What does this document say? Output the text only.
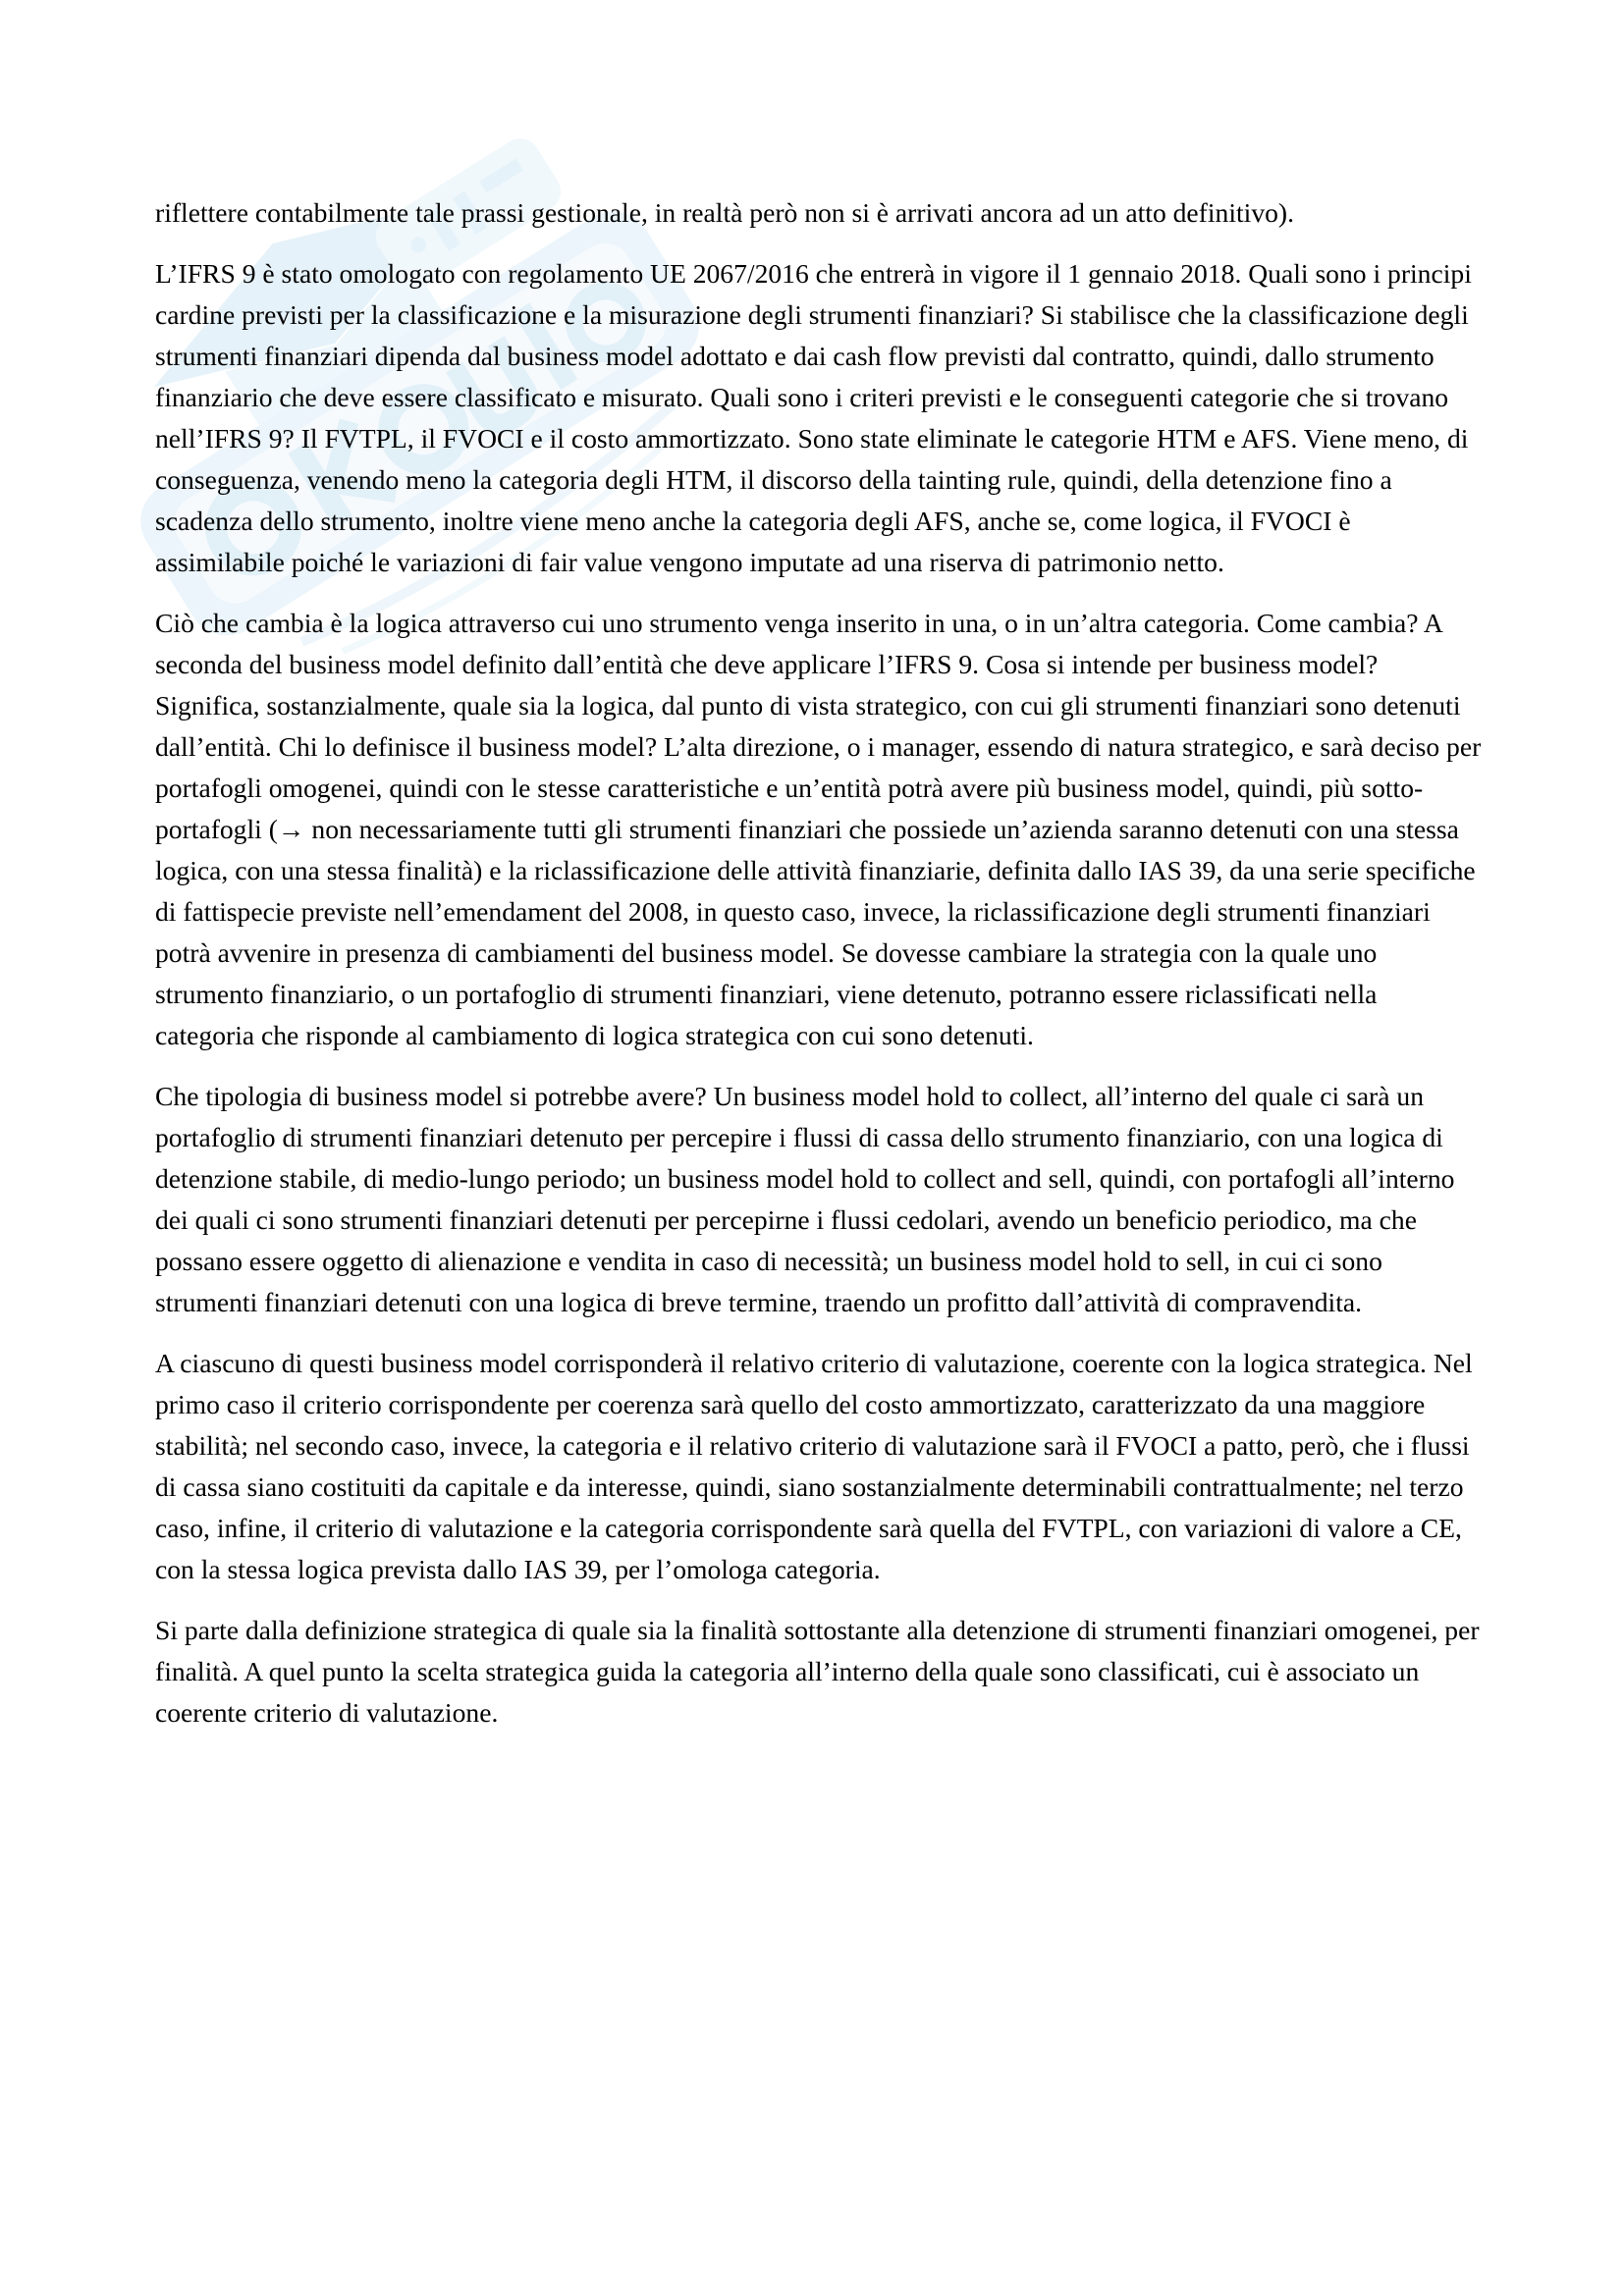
riflettere contabilmente tale prassi gestionale, in realtà però non si è arrivati ancora ad un atto definitivo).

L’IFRS 9 è stato omologato con regolamento UE 2067/2016 che entrerà in vigore il 1 gennaio 2018. Quali sono i principi cardine previsti per la classificazione e la misurazione degli strumenti finanziari? Si stabilisce che la classificazione degli strumenti finanziari dipenda dal business model adottato e dai cash flow previsti dal contratto, quindi, dallo strumento finanziario che deve essere classificato e misurato. Quali sono i criteri previsti e le conseguenti categorie che si trovano nell’IFRS 9? Il FVTPL, il FVOCI e il costo ammortizzato. Sono state eliminate le categorie HTM e AFS. Viene meno, di conseguenza, venendo meno la categoria degli HTM, il discorso della tainting rule, quindi, della detenzione fino a scadenza dello strumento, inoltre viene meno anche la categoria degli AFS, anche se, come logica, il FVOCI è assimilabile poiché le variazioni di fair value vengono imputate ad una riserva di patrimonio netto.

Ciò che cambia è la logica attraverso cui uno strumento venga inserito in una, o in un’altra categoria. Come cambia? A seconda del business model definito dall’entità che deve applicare l’IFRS 9. Cosa si intende per business model? Significa, sostanzialmente, quale sia la logica, dal punto di vista strategico, con cui gli strumenti finanziari sono detenuti dall’entità. Chi lo definisce il business model? L’alta direzione, o i manager, essendo di natura strategico, e sarà deciso per portafogli omogenei, quindi con le stesse caratteristiche e un’entità potrà avere più business model, quindi, più sotto-portafogli (→ non necessariamente tutti gli strumenti finanziari che possiede un’azienda saranno detenuti con una stessa logica, con una stessa finalità) e la riclassificazione delle attività finanziarie, definita dallo IAS 39, da una serie specifiche di fattispecie previste nell’emendament del 2008, in questo caso, invece, la riclassificazione degli strumenti finanziari potrà avvenire in presenza di cambiamenti del business model. Se dovesse cambiare la strategia con la quale uno strumento finanziario, o un portafoglio di strumenti finanziari, viene detenuto, potranno essere riclassificati nella categoria che risponde al cambiamento di logica strategica con cui sono detenuti.

Che tipologia di business model si potrebbe avere? Un business model hold to collect, all’interno del quale ci sarà un portafoglio di strumenti finanziari detenuto per percepire i flussi di cassa dello strumento finanziario, con una logica di detenzione stabile, di medio-lungo periodo; un business model hold to collect and sell, quindi, con portafogli all’interno dei quali ci sono strumenti finanziari detenuti per percepirne i flussi cedolari, avendo un beneficio periodico, ma che possano essere oggetto di alienazione e vendita in caso di necessità; un business model hold to sell, in cui ci sono strumenti finanziari detenuti con una logica di breve termine, traendo un profitto dall’attività di compravendita.

A ciascuno di questi business model corrisponderà il relativo criterio di valutazione, coerente con la logica strategica. Nel primo caso il criterio corrispondente per coerenza sarà quello del costo ammortizzato, caratterizzato da una maggiore stabilità; nel secondo caso, invece, la categoria e il relativo criterio di valutazione sarà il FVOCI a patto, però, che i flussi di cassa siano costituiti da capitale e da interesse, quindi, siano sostanzialmente determinabili contrattualmente; nel terzo caso, infine, il criterio di valutazione e la categoria corrispondente sarà quella del FVTPL, con variazioni di valore a CE, con la stessa logica prevista dallo IAS 39, per l’omologa categoria.

Si parte dalla definizione strategica di quale sia la finalità sottostante alla detenzione di strumenti finanziari omogenei, per finalità. A quel punto la scelta strategica guida la categoria all’interno della quale sono classificati, cui è associato un coerente criterio di valutazione.
